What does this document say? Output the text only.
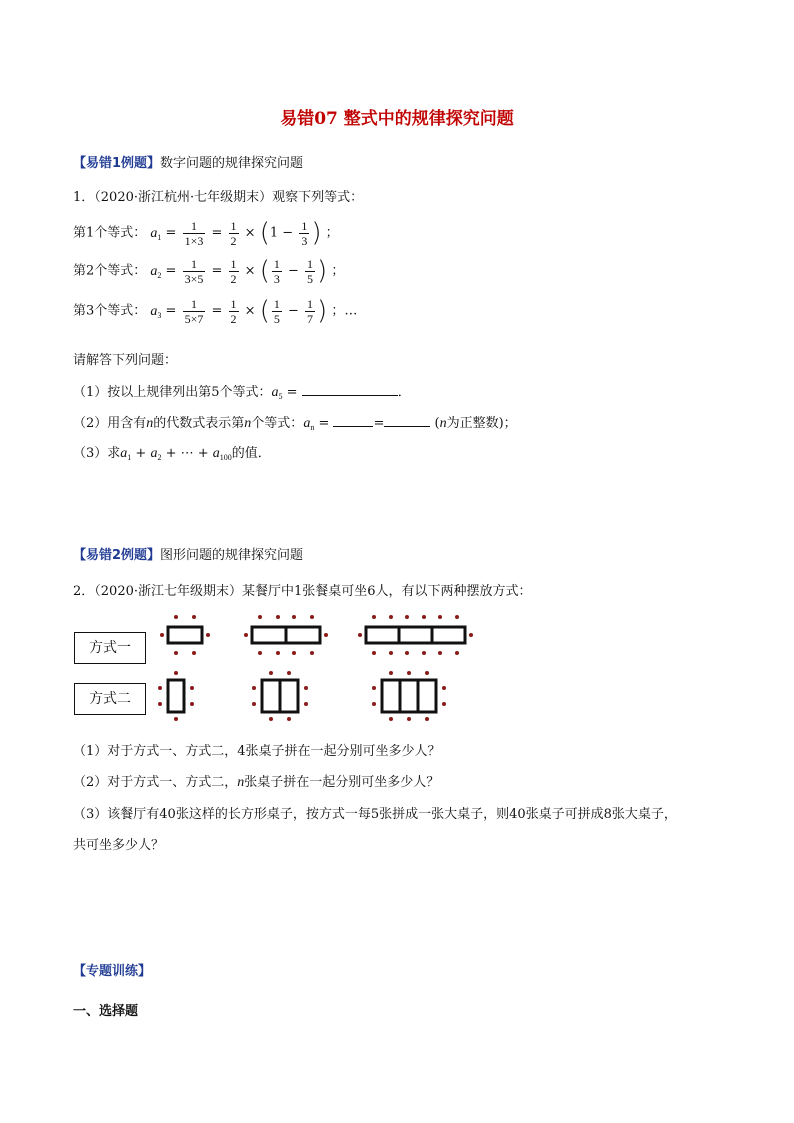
易错07 整式中的规律探究问题
【易错1例题】数字问题的规律探究问题
1．（2020·浙江杭州·七年级期末）观察下列等式：
第1个等式： $a_1 = \frac{1}{1\times 3} = \frac{1}{2} \times (1 - \frac{1}{3}$ ) ；
第2个等式： $a_2 = \frac{1}{3\times 5} = \frac{1}{2}$ × ( $\frac{1}{3} - \frac{1}{5}$ ) ；
第3个等式： $a_3 = \frac{1}{5\times 7} = \frac{1}{2}$ × ( $\frac{1}{5} - \frac{1}{7}$ ) ；…
请解答下列问题：
（1）按以上规律列出第5个等式：$a_5$ =	．
（2）用含有n的代数式表示第n个等式：$a_n$ =	=	(n为正整数)；
（3）求$a_1 + a_2$ + ⋯ + $a_{100}$的值．
【易错2例题】图形问题的规律探究问题
2．（2020·浙江七年级期末）某餐厅中1张餐桌可坐6人，有以下两种摆放方式：
方式一
方式二
（1）对于方式一、方式二，4张桌子拼在一起分别可坐多少人？
（2）对于方式一、方式二，n张桌子拼在一起分别可坐多少人？
（3）该餐厅有40张这样的长方形桌子，按方式一每5张拼成一张大桌子，则40张桌子可拼成8张大桌子，
共可坐多少人？
【专题训练】
一、选择题
